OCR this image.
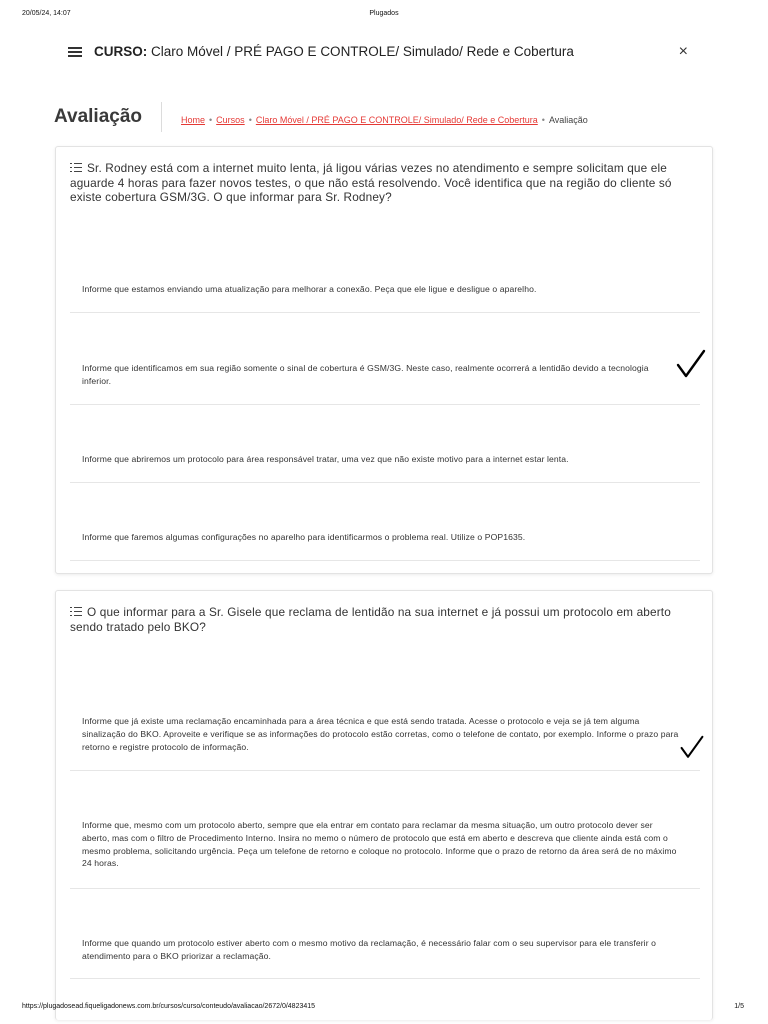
20/05/24, 14:07	Plugados
CURSO: Claro Móvel / PRÉ PAGO E CONTROLE/ Simulado/ Rede e Cobertura	×
Avaliação	Home • Cursos • Claro Móvel / PRÉ PAGO E CONTROLE/ Simulado/ Rede e Cobertura • Avaliação
Sr. Rodney está com a internet muito lenta, já ligou várias vezes no atendimento e sempre solicitam que ele aguarde 4 horas para fazer novos testes, o que não está resolvendo. Você identifica que na região do cliente só existe cobertura GSM/3G. O que informar para Sr. Rodney?
Informe que estamos enviando uma atualização para melhorar a conexão. Peça que ele ligue e desligue o aparelho.
Informe que identificamos em sua região somente o sinal de cobertura é GSM/3G. Neste caso, realmente ocorrerá a lentidão devido a tecnologia inferior.
Informe que abriremos um protocolo para área responsável tratar, uma vez que não existe motivo para a internet estar lenta.
Informe que faremos algumas configurações no aparelho para identificarmos o problema real. Utilize o POP1635.
O que informar para a Sr. Gisele que reclama de lentidão na sua internet e já possui um protocolo em aberto sendo tratado pelo BKO?
Informe que já existe uma reclamação encaminhada para a área técnica e que está sendo tratada. Acesse o protocolo e veja se já tem alguma sinalização do BKO. Aproveite e verifique se as informações do protocolo estão corretas, como o telefone de contato, por exemplo. Informe o prazo para retorno e registre protocolo de informação.
Informe que, mesmo com um protocolo aberto, sempre que ela entrar em contato para reclamar da mesma situação, um outro protocolo dever ser aberto, mas com o filtro de Procedimento Interno. Insira no memo o número de protocolo que está em aberto e descreva que cliente ainda está com o mesmo problema, solicitando urgência. Peça um telefone de retorno e coloque no protocolo. Informe que o prazo de retorno da área será de no máximo 24 horas.
Informe que quando um protocolo estiver aberto com o mesmo motivo da reclamação, é necessário falar com o seu supervisor para ele transferir o atendimento para o BKO priorizar a reclamação.
https://plugadosead.fiqueligadonews.com.br/cursos/curso/conteudo/avaliacao/2672/0/4823415	1/5
